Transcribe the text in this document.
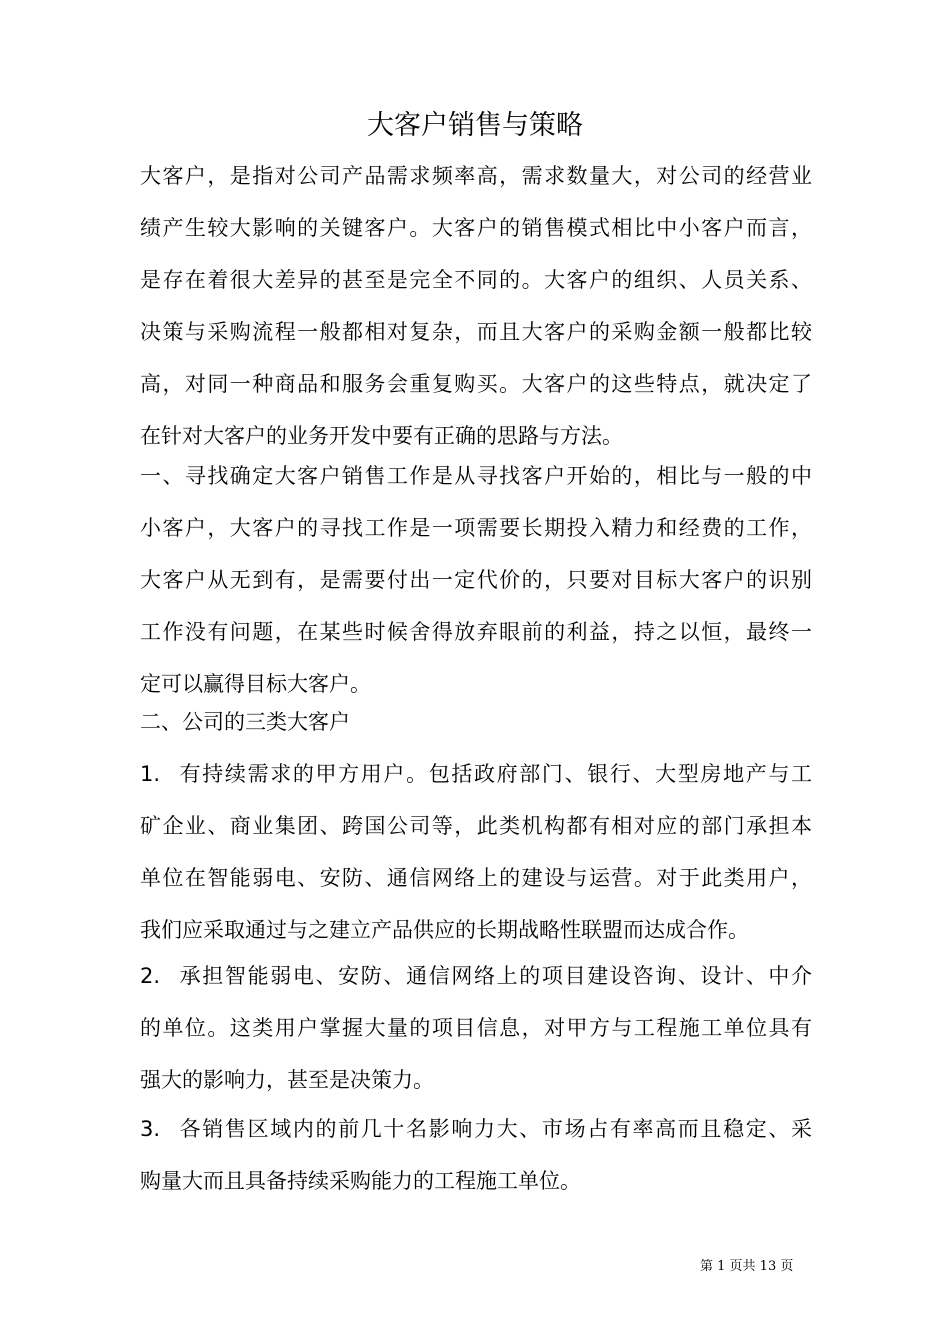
大客户销售与策略
大客户，是指对公司产品需求频率高，需求数量大，对公司的经营业
绩产生较大影响的关键客户。大客户的销售模式相比中小客户而言，
是存在着很大差异的甚至是完全不同的。大客户的组织、人员关系、
决策与采购流程一般都相对复杂，而且大客户的采购金额一般都比较
高，对同一种商品和服务会重复购买。大客户的这些特点，就决定了
在针对大客户的业务开发中要有正确的思路与方法。
一、寻找确定大客户销售工作是从寻找客户开始的，相比与一般的中
小客户，大客户的寻找工作是一项需要长期投入精力和经费的工作，
大客户从无到有，是需要付出一定代价的，只要对目标大客户的识别
工作没有问题，在某些时候舍得放弃眼前的利益，持之以恒，最终一
定可以赢得目标大客户。
二、公司的三类大客户
1. 有持续需求的甲方用户。包括政府部门、银行、大型房地产与工
矿企业、商业集团、跨国公司等，此类机构都有相对应的部门承担本
单位在智能弱电、安防、通信网络上的建设与运营。对于此类用户，
我们应采取通过与之建立产品供应的长期战略性联盟而达成合作。
2. 承担智能弱电、安防、通信网络上的项目建设咨询、设计、中介
的单位。这类用户掌握大量的项目信息，对甲方与工程施工单位具有
强大的影响力，甚至是决策力。
3. 各销售区域内的前几十名影响力大、市场占有率高而且稳定、采
购量大而且具备持续采购能力的工程施工单位。
第 1 页共 13 页
